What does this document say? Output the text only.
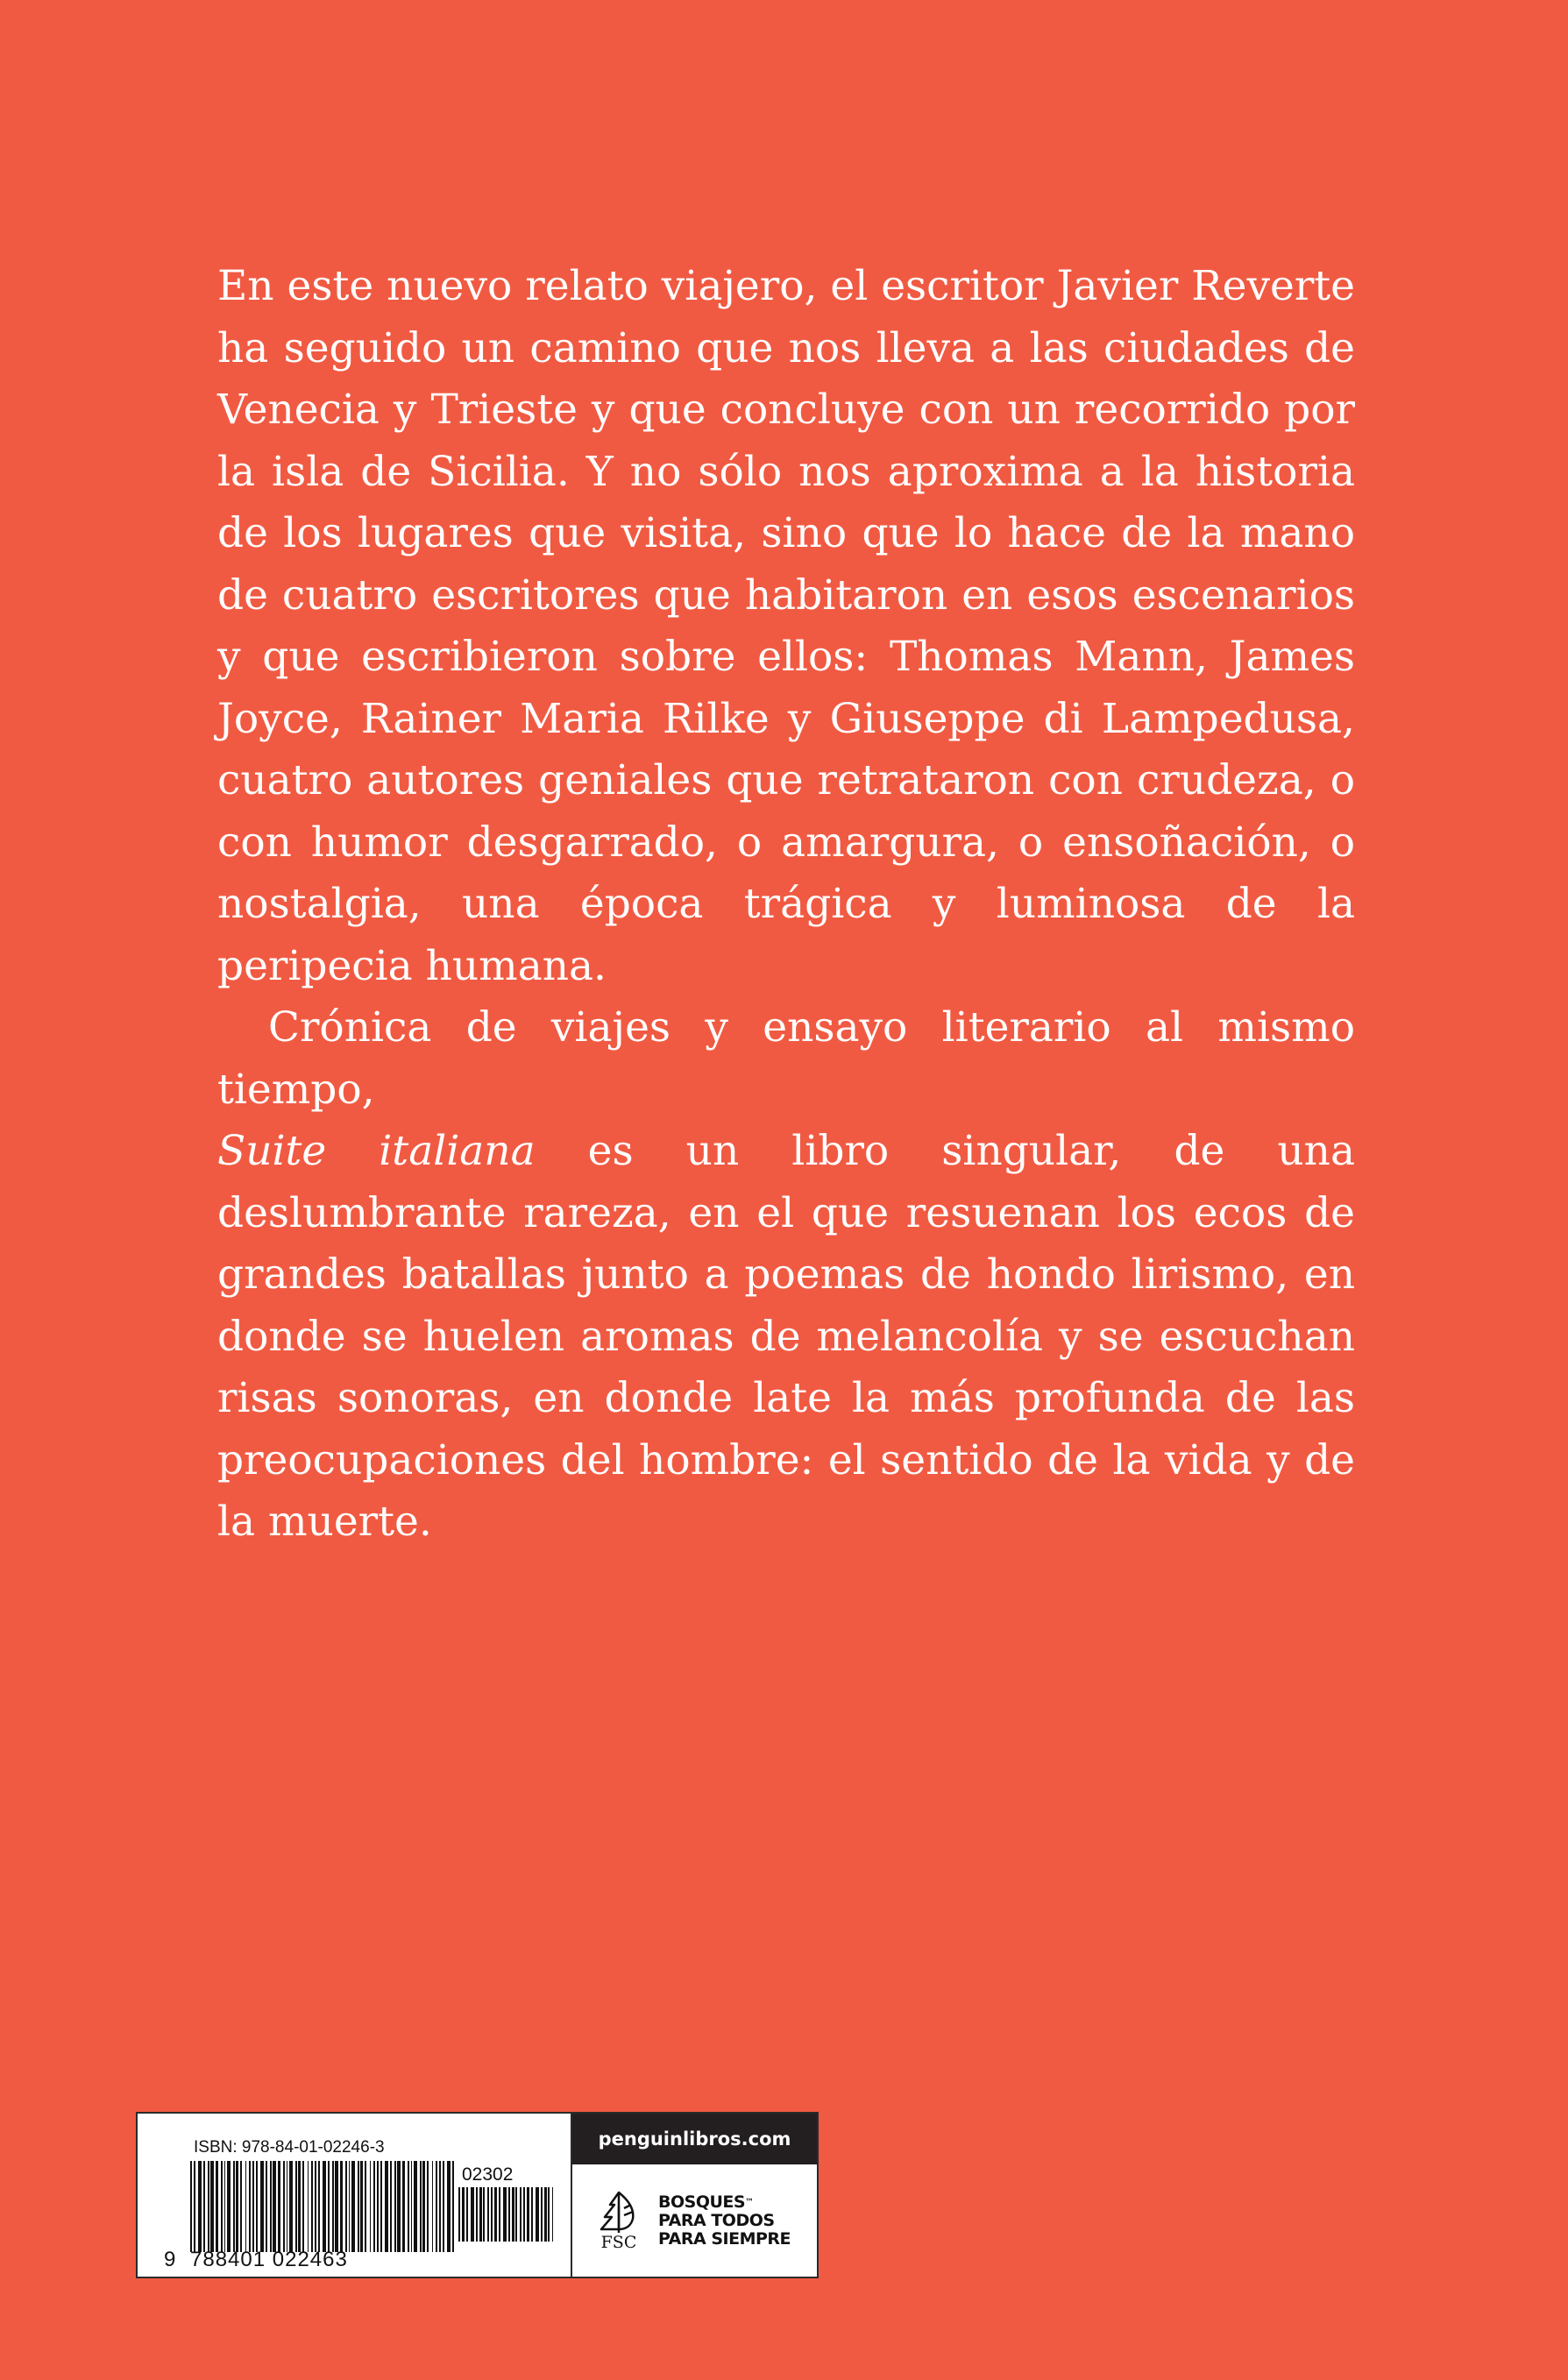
En este nuevo relato viajero, el escritor Javier Reverte ha seguido un camino que nos lleva a las ciudades de Venecia y Trieste y que concluye con un recorrido por la isla de Sicilia. Y no sólo nos aproxima a la historia de los lugares que visita, sino que lo hace de la mano de cuatro escritores que habitaron en esos escenarios y que escribieron sobre ellos: Thomas Mann, James Joyce, Rainer Maria Rilke y Giuseppe di Lampedusa, cuatro autores geniales que retrataron con crudeza, o con humor desgarrado, o amargura, o ensoñación, o nostalgia, una época trágica y luminosa de la peripecia humana.

Crónica de viajes y ensayo literario al mismo tiempo,
Suite italiana es un libro singular, de una deslumbrante rareza, en el que resuenan los ecos de grandes batallas junto a poemas de hondo lirismo, en donde se huelen aromas de melancolía y se escuchan risas sonoras, en donde late la más profunda de las preocupaciones del hombre: el sentido de la vida y de la muerte.

ISBN: 978-84-01-02246-3
02302
9 788401 022463
penguinlibros.com
FSC
BOSQUES™
PARA TODOS
PARA SIEMPRE
